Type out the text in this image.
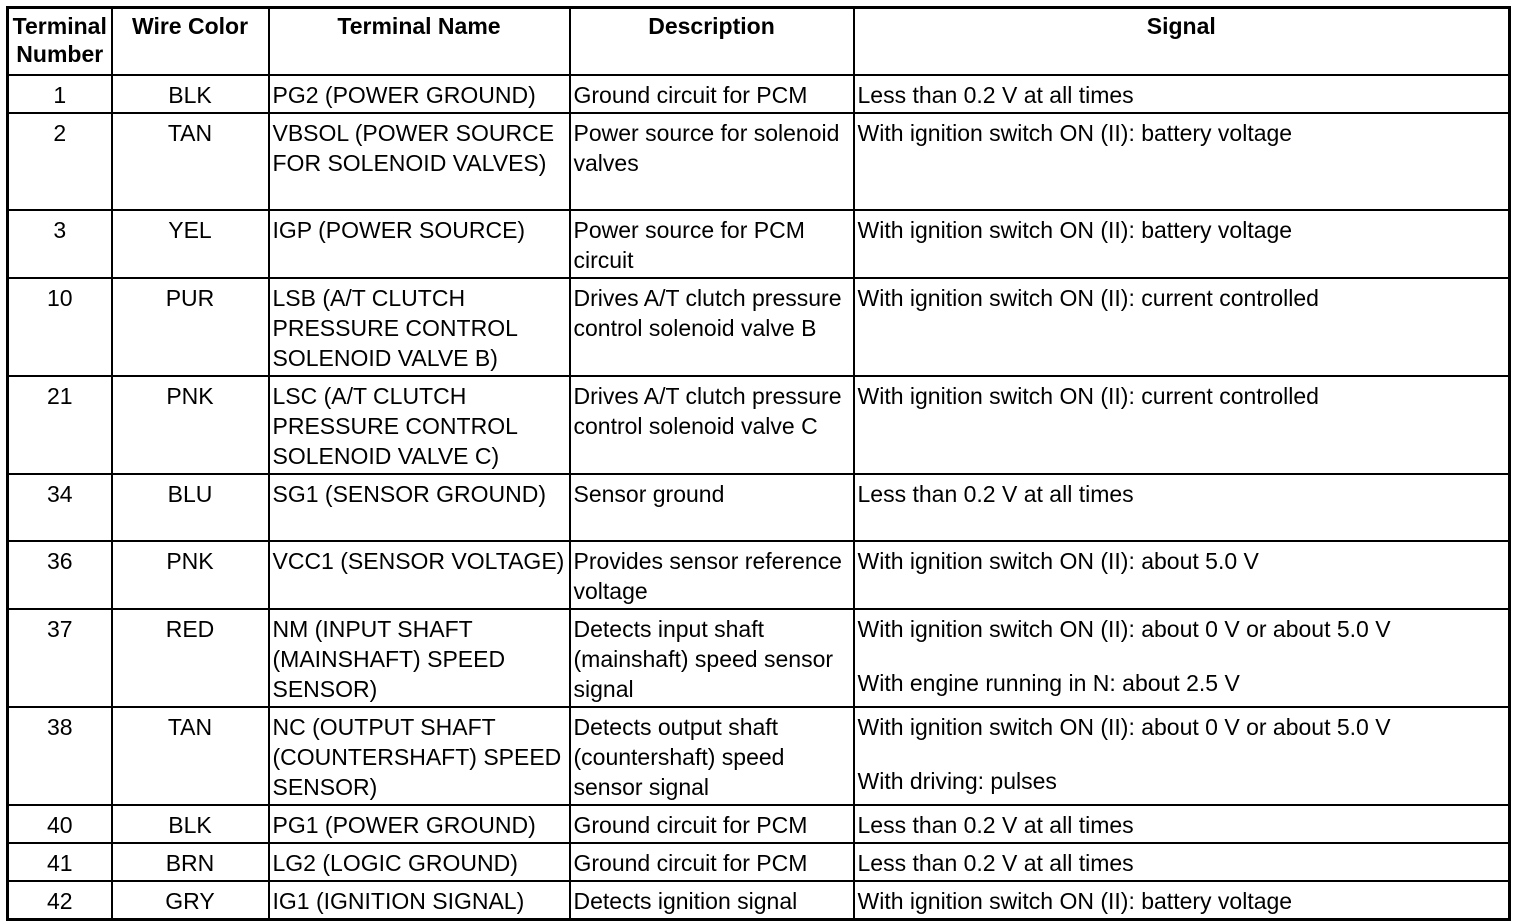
Terminal Number	Wire Color	Terminal Name	Description	Signal
1	BLK	PG2 (POWER GROUND)	Ground circuit for PCM	Less than 0.2 V at all times

2	TAN	VBSOL (POWER SOURCE FOR SOLENOID VALVES)	Power source for solenoid valves	With ignition switch ON (II): battery voltage

3	YEL	IGP (POWER SOURCE)	Power source for PCM circuit	With ignition switch ON (II): battery voltage

10	PUR	LSB (A/T CLUTCH PRESSURE CONTROL SOLENOID VALVE B)	Drives A/T clutch pressure control solenoid valve B	With ignition switch ON (II): current controlled

21	PNK	LSC (A/T CLUTCH PRESSURE CONTROL SOLENOID VALVE C)	Drives A/T clutch pressure control solenoid valve C	With ignition switch ON (II): current controlled

34	BLU	SG1 (SENSOR GROUND)	Sensor ground	Less than 0.2 V at all times

36	PNK	VCC1 (SENSOR VOLTAGE)	Provides sensor reference voltage	With ignition switch ON (II): about 5.0 V

37	RED	NM (INPUT SHAFT (MAINSHAFT) SPEED SENSOR)	Detects input shaft (mainshaft) speed sensor signal	With ignition switch ON (II): about 0 V or about 5.0 V
With engine running in N: about 2.5 V

38	TAN	NC (OUTPUT SHAFT (COUNTERSHAFT) SPEED SENSOR)	Detects output shaft (countershaft) speed sensor signal	With ignition switch ON (II): about 0 V or about 5.0 V
With driving: pulses

40	BLK	PG1 (POWER GROUND)	Ground circuit for PCM	Less than 0.2 V at all times

41	BRN	LG2 (LOGIC GROUND)	Ground circuit for PCM	Less than 0.2 V at all times

42	GRY	IG1 (IGNITION SIGNAL)	Detects ignition signal	With ignition switch ON (II): battery voltage
